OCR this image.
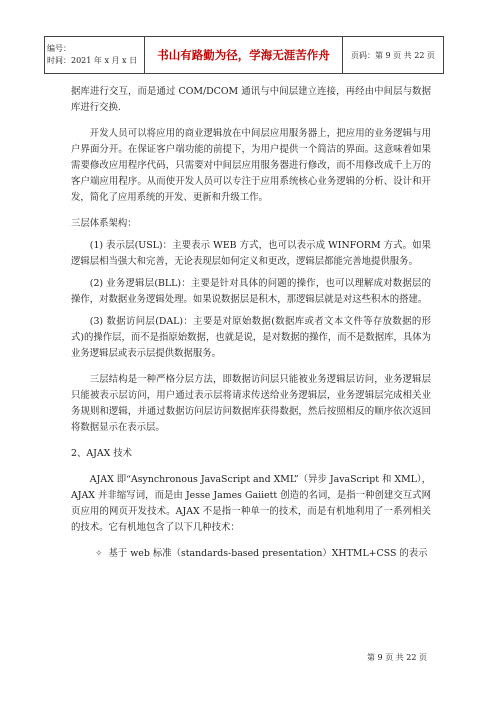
编号：
时间：2021 年 x 月 x 日	书山有路勤为径，学海无涯苦作舟	页码：第 9 页 共 22 页

据库进行交互，而是通过 COM/DCOM 通讯与中间层建立连接，再经由中间层与数据库进行交换.

开发人员可以将应用的商业逻辑放在中间层应用服务器上，把应用的业务逻辑与用户界面分开。在保证客户端功能的前提下，为用户提供一个简洁的界面。这意味着如果需要修改应用程序代码，只需要对中间层应用服务器进行修改，而不用修改成千上万的客户端应用程序。从而使开发人员可以专注于应用系统核心业务逻辑的分析、设计和开发，简化了应用系统的开发、更新和升级工作。

三层体系架构：

(1) 表示层(USL)：主要表示 WEB 方式，也可以表示成 WINFORM 方式。如果逻辑层相当强大和完善，无论表现层如何定义和更改，逻辑层都能完善地提供服务。

(2) 业务逻辑层(BLL)：主要是针对具体的问题的操作，也可以理解成对数据层的操作，对数据业务逻辑处理。如果说数据层是积木，那逻辑层就是对这些积木的搭建。

(3) 数据访问层(DAL)：主要是对原始数据(数据库或者文本文件等存放数据的形式)的操作层，而不是指原始数据，也就是说，是对数据的操作，而不是数据库，具体为业务逻辑层或表示层提供数据服务。

三层结构是一种严格分层方法，即数据访问层只能被业务逻辑层访问，业务逻辑层只能被表示层访问，用户通过表示层将请求传送给业务逻辑层，业务逻辑层完成相关业务规则和逻辑，并通过数据访问层访问数据库获得数据，然后按照相反的顺序依次返回将数据显示在表示层。

2、AJAX 技术

AJAX 即“Asynchronous JavaScript and XML”（异步 JavaScript 和 XML），AJAX 并非缩写词，而是由 Jesse James Gaiiett 创造的名词，是指一种创建交互式网页应用的网页开发技术。AJAX 不是指一种单一的技术，而是有机地利用了一系列相关的技术。它有机地包含了以下几种技术：

✧ 基于 web 标准（standards-based presentation）XHTML+CSS 的表示
第 9 页 共 22 页
